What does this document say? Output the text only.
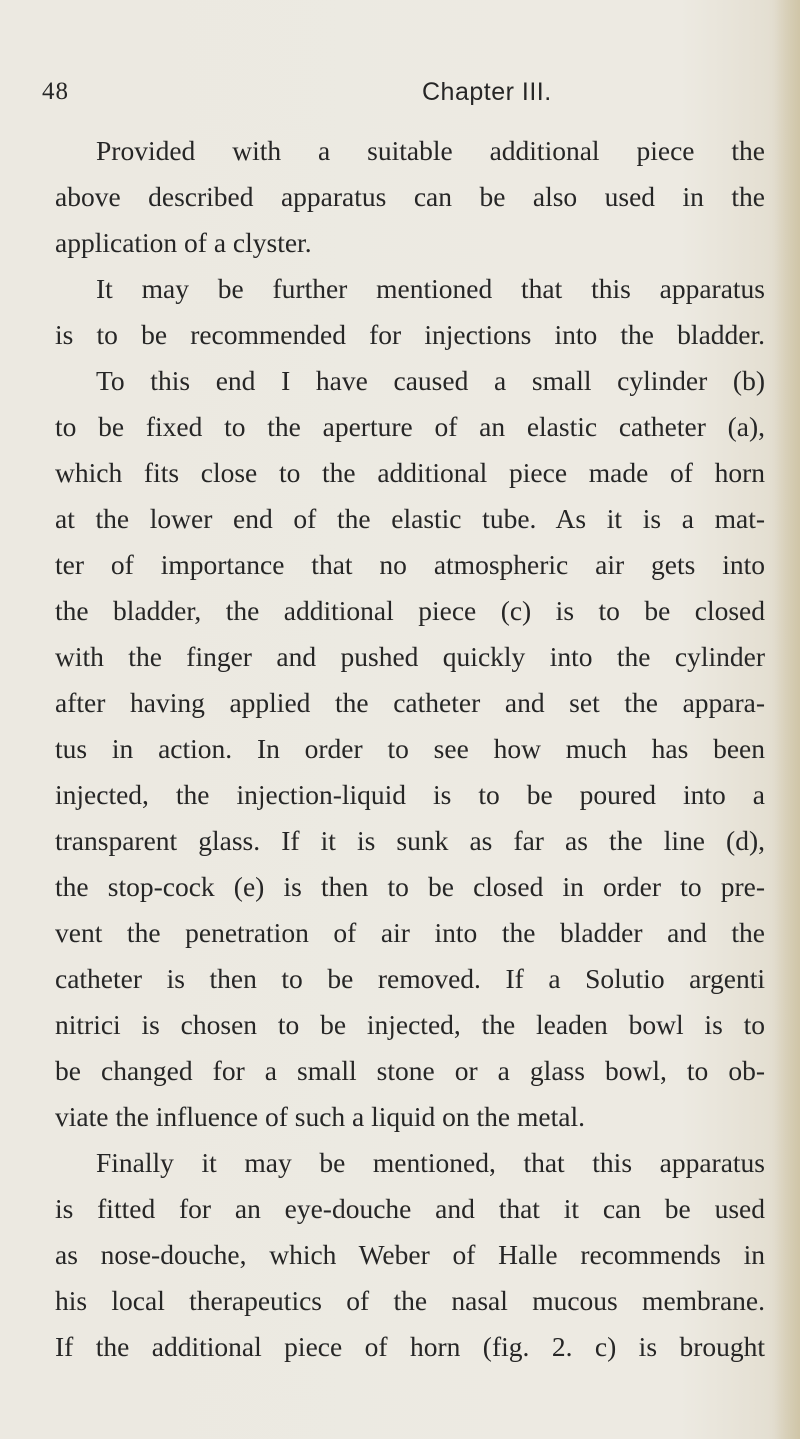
48	Chapter III.
Provided with a suitable additional piece the
above described apparatus can be also used in the
application of a clyster.
It may be further mentioned that this apparatus
is to be recommended for injections into the bladder.
To this end I have caused a small cylinder (b)
to be fixed to the aperture of an elastic catheter (a),
which fits close to the additional piece made of horn
at the lower end of the elastic tube. As it is a mat-
ter of importance that no atmospheric air gets into
the bladder, the additional piece (c) is to be closed
with the finger and pushed quickly into the cylinder
after having applied the catheter and set the appara-
tus in action. In order to see how much has been
injected, the injection-liquid is to be poured into a
transparent glass. If it is sunk as far as the line (d),
the stop-cock (e) is then to be closed in order to pre-
vent the penetration of air into the bladder and the
catheter is then to be removed. If a Solutio argenti
nitrici is chosen to be injected, the leaden bowl is to
be changed for a small stone or a glass bowl, to ob-
viate the influence of such a liquid on the metal.
Finally it may be mentioned, that this apparatus
is fitted for an eye-douche and that it can be used
as nose-douche, which Weber of Halle recommends in
his local therapeutics of the nasal mucous membrane.
If the additional piece of horn (fig. 2. c) is brought
